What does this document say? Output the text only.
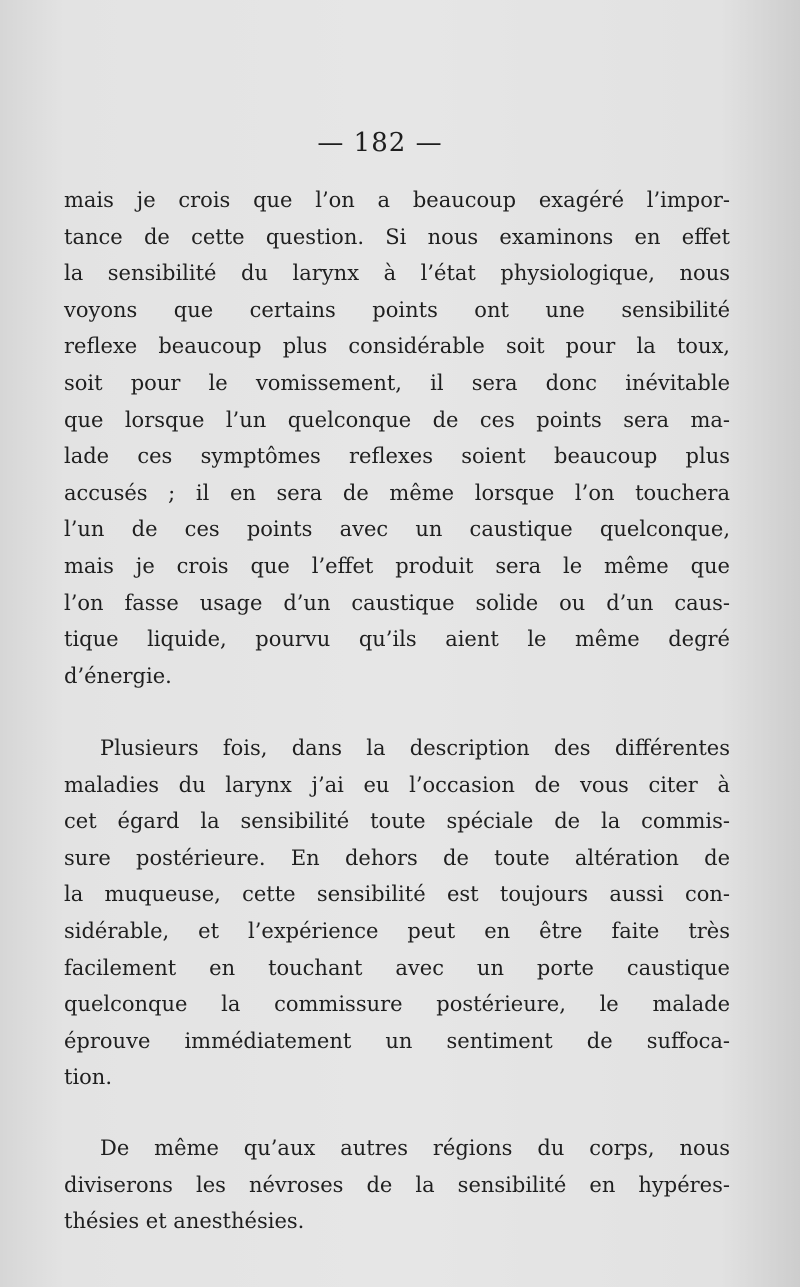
— 182 —
mais je crois que l’on a beaucoup exagéré l’impor-
tance de cette question. Si nous examinons en effet
la sensibilité du larynx à l’état physiologique, nous
voyons que certains points ont une sensibilité
reflexe beaucoup plus considérable soit pour la toux,
soit pour le vomissement, il sera donc inévitable
que lorsque l’un quelconque de ces points sera ma-
lade ces symptômes reflexes soient beaucoup plus
accusés ; il en sera de même lorsque l’on touchera
l’un de ces points avec un caustique quelconque,
mais je crois que l’effet produit sera le même que
l’on fasse usage d’un caustique solide ou d’un caus-
tique liquide, pourvu qu’ils aient le même degré
d’énergie.
Plusieurs fois, dans la description des différentes
maladies du larynx j’ai eu l’occasion de vous citer à
cet égard la sensibilité toute spéciale de la commis-
sure postérieure. En dehors de toute altération de
la muqueuse, cette sensibilité est toujours aussi con-
sidérable, et l’expérience peut en être faite très
facilement en touchant avec un porte caustique
quelconque la commissure postérieure, le malade
éprouve immédiatement un sentiment de suffoca-
tion.
De même qu’aux autres régions du corps, nous
diviserons les névroses de la sensibilité en hypéres-
thésies et anesthésies.
